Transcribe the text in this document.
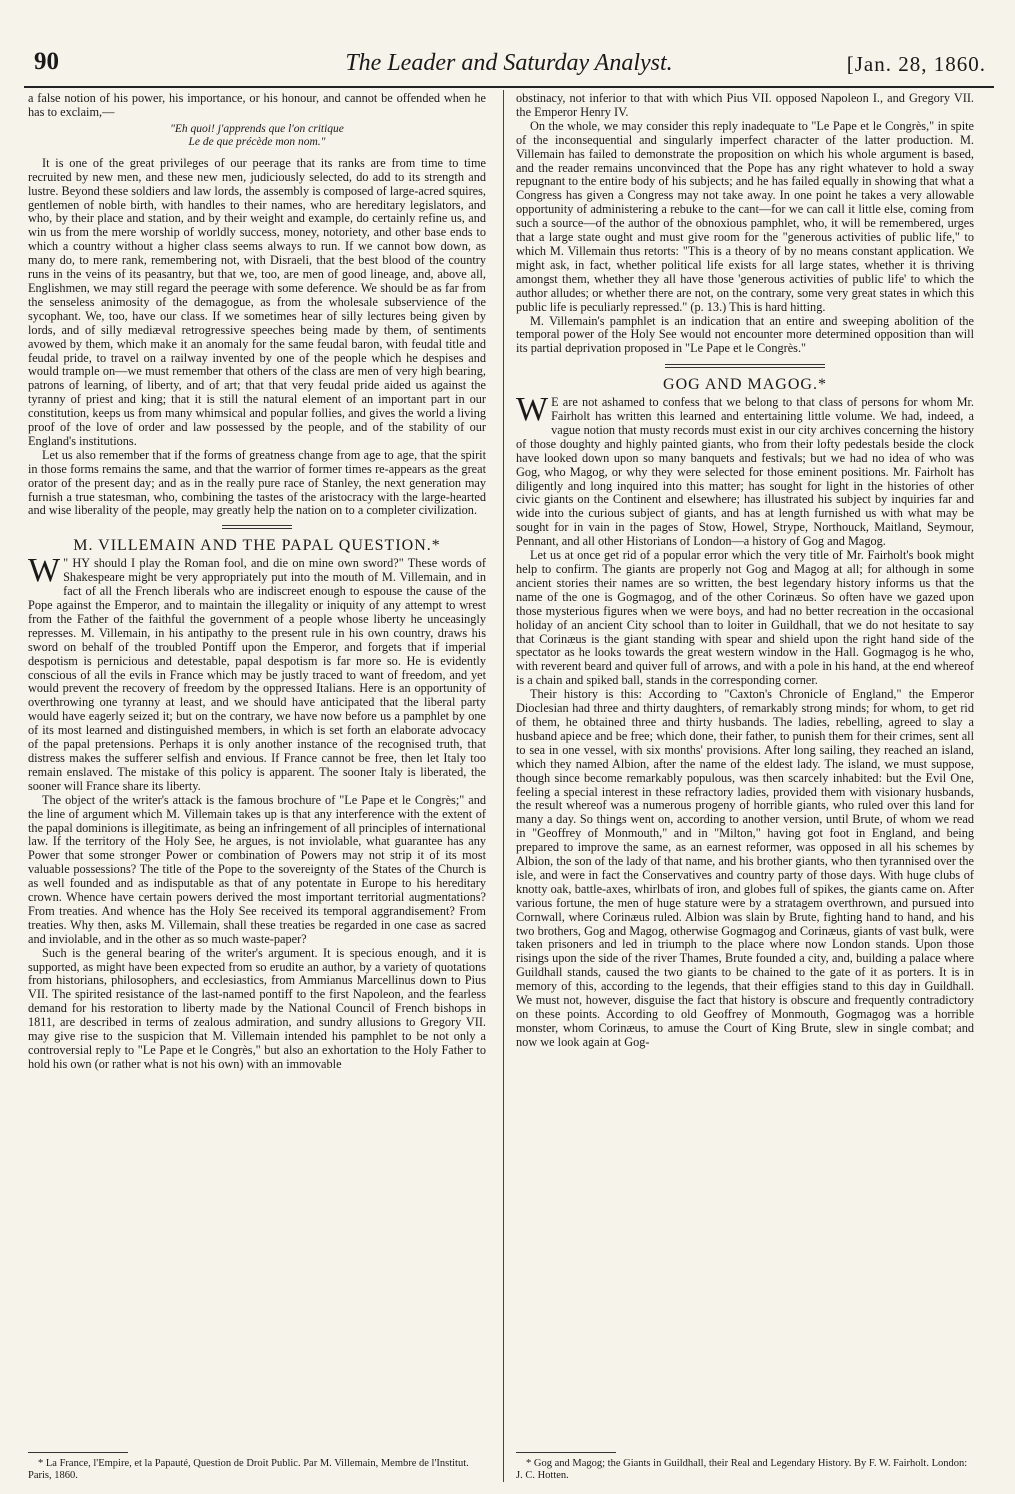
90	The Leader and Saturday Analyst.	[Jan. 28, 1860.

a false notion of his power, his importance, or his honour, and cannot be offended when he has to exclaim,—

"Eh quoi! j'apprends que l'on critique
Le de que précède mon nom."

It is one of the great privileges of our peerage that its ranks are from time to time recruited by new men, and these new men, judiciously selected, do add to its strength and lustre. Beyond these soldiers and law lords, the assembly is composed of large-acred squires, gentlemen of noble birth, with handles to their names, who are hereditary legislators, and who, by their place and station, and by their weight and example, do certainly refine us, and win us from the mere worship of worldly success, money, notoriety, and other base ends to which a country without a higher class seems always to run. If we cannot bow down, as many do, to mere rank, remembering not, with Disraeli, that the best blood of the country runs in the veins of its peasantry, but that we, too, are men of good lineage, and, above all, Englishmen, we may still regard the peerage with some deference. We should be as far from the senseless animosity of the demagogue, as from the wholesale subservience of the sycophant. We, too, have our class. If we sometimes hear of silly lectures being given by lords, and of silly mediæval retrogressive speeches being made by them, of sentiments avowed by them, which make it an anomaly for the same feudal baron, with feudal title and feudal pride, to travel on a railway invented by one of the people which he despises and would trample on—we must remember that others of the class are men of very high bearing, patrons of learning, of liberty, and of art; that that very feudal pride aided us against the tyranny of priest and king; that it is still the natural element of an important part in our constitution, keeps us from many whimsical and popular follies, and gives the world a living proof of the love of order and law possessed by the people, and of the stability of our England's institutions.

Let us also remember that if the forms of greatness change from age to age, that the spirit in those forms remains the same, and that the warrior of former times re-appears as the great orator of the present day; and as in the really pure race of Stanley, the next generation may furnish a true statesman, who, combining the tastes of the aristocracy with the large-hearted and wise liberality of the people, may greatly help the nation on to a completer civilization.

M. VILLEMAIN AND THE PAPAL QUESTION.*

"
W HY should I play the Roman fool, and die on mine own sword?" These words of Shakespeare might be very appropriately put into the mouth of M. Villemain, and in fact of all the French liberals who are indiscreet enough to espouse the cause of the Pope against the Emperor, and to maintain the illegality or iniquity of any attempt to wrest from the Father of the faithful the government of a people whose liberty he unceasingly represses. M. Villemain, in his antipathy to the present rule in his own country, draws his sword on behalf of the troubled Pontiff upon the Emperor, and forgets that if imperial despotism is pernicious and detestable, papal despotism is far more so. He is evidently conscious of all the evils in France which may be justly traced to want of freedom, and yet would prevent the recovery of freedom by the oppressed Italians. Here is an opportunity of overthrowing one tyranny at least, and we should have anticipated that the liberal party would have eagerly seized it; but on the contrary, we have now before us a pamphlet by one of its most learned and distinguished members, in which is set forth an elaborate advocacy of the papal pretensions. Perhaps it is only another instance of the recognised truth, that distress makes the sufferer selfish and envious. If France cannot be free, then let Italy too remain enslaved. The mistake of this policy is apparent. The sooner Italy is liberated, the sooner will France share its liberty.

The object of the writer's attack is the famous brochure of "Le Pape et le Congrès;" and the line of argument which M. Villemain takes up is that any interference with the extent of the papal dominions is illegitimate, as being an infringement of all principles of international law. If the territory of the Holy See, he argues, is not inviolable, what guarantee has any Power that some stronger Power or combination of Powers may not strip it of its most valuable possessions? The title of the Pope to the sovereignty of the States of the Church is as well founded and as indisputable as that of any potentate in Europe to his hereditary crown. Whence have certain powers derived the most important territorial augmentations? From treaties. And whence has the Holy See received its temporal aggrandisement? From treaties. Why then, asks M. Villemain, shall these treaties be regarded in one case as sacred and inviolable, and in the other as so much waste-paper?

Such is the general bearing of the writer's argument. It is specious enough, and it is supported, as might have been expected from so erudite an author, by a variety of quotations from historians, philosophers, and ecclesiastics, from Ammianus Marcellinus down to Pius VII. The spirited resistance of the last-named pontiff to the first Napoleon, and the fearless demand for his restoration to liberty made by the National Council of French bishops in 1811, are described in terms of zealous admiration, and sundry allusions to Gregory VII. may give rise to the suspicion that M. Villemain intended his pamphlet to be not only a controversial reply to "Le Pape et le Congrès," but also an exhortation to the Holy Father to hold his own (or rather what is not his own) with an immovable

obstinacy, not inferior to that with which Pius VII. opposed Napoleon I., and Gregory VII. the Emperor Henry IV.

On the whole, we may consider this reply inadequate to "Le Pape et le Congrès," in spite of the inconsequential and singularly imperfect character of the latter production. M. Villemain has failed to demonstrate the proposition on which his whole argument is based, and the reader remains unconvinced that the Pope has any right whatever to hold a sway repugnant to the entire body of his subjects; and he has failed equally in showing that what a Congress has given a Congress may not take away. In one point he takes a very allowable opportunity of administering a rebuke to the cant—for we can call it little else, coming from such a source—of the author of the obnoxious pamphlet, who, it will be remembered, urges that a large state ought and must give room for the "generous activities of public life," to which M. Villemain thus retorts: "This is a theory of by no means constant application. We might ask, in fact, whether political life exists for all large states, whether it is thriving amongst them, whether they all have those 'generous activities of public life' to which the author alludes; or whether there are not, on the contrary, some very great states in which this public life is peculiarly repressed." (p. 13.) This is hard hitting.

M. Villemain's pamphlet is an indication that an entire and sweeping abolition of the temporal power of the Holy See would not encounter more determined opposition than will its partial deprivation proposed in "Le Pape et le Congrès."

GOG AND MAGOG.*

W E are not ashamed to confess that we belong to that class of persons for whom Mr. Fairholt has written this learned and entertaining little volume. We had, indeed, a vague notion that musty records must exist in our city archives concerning the history of those doughty and highly painted giants, who from their lofty pedestals beside the clock have looked down upon so many banquets and festivals; but we had no idea of who was Gog, who Magog, or why they were selected for those eminent positions. Mr. Fairholt has diligently and long inquired into this matter; has sought for light in the histories of other civic giants on the Continent and elsewhere; has illustrated his subject by inquiries far and wide into the curious subject of giants, and has at length furnished us with what may be sought for in vain in the pages of Stow, Howel, Strype, Northouck, Maitland, Seymour, Pennant, and all other Historians of London—a history of Gog and Magog.

Let us at once get rid of a popular error which the very title of Mr. Fairholt's book might help to confirm. The giants are properly not Gog and Magog at all; for although in some ancient stories their names are so written, the best legendary history informs us that the name of the one is Gogmagog, and of the other Corinæus. So often have we gazed upon those mysterious figures when we were boys, and had no better recreation in the occasional holiday of an ancient City school than to loiter in Guildhall, that we do not hesitate to say that Corinæus is the giant standing with spear and shield upon the right hand side of the spectator as he looks towards the great western window in the Hall. Gogmagog is he who, with reverent beard and quiver full of arrows, and with a pole in his hand, at the end whereof is a chain and spiked ball, stands in the corresponding corner.

Their history is this: According to "Caxton's Chronicle of England," the Emperor Dioclesian had three and thirty daughters, of remarkably strong minds; for whom, to get rid of them, he obtained three and thirty husbands. The ladies, rebelling, agreed to slay a husband apiece and be free; which done, their father, to punish them for their crimes, sent all to sea in one vessel, with six months' provisions. After long sailing, they reached an island, which they named Albion, after the name of the eldest lady. The island, we must suppose, though since become remarkably populous, was then scarcely inhabited: but the Evil One, feeling a special interest in these refractory ladies, provided them with visionary husbands, the result whereof was a numerous progeny of horrible giants, who ruled over this land for many a day. So things went on, according to another version, until Brute, of whom we read in "Geoffrey of Monmouth," and in "Milton," having got foot in England, and being prepared to improve the same, as an earnest reformer, was opposed in all his schemes by Albion, the son of the lady of that name, and his brother giants, who then tyrannised over the isle, and were in fact the Conservatives and country party of those days. With huge clubs of knotty oak, battle-axes, whirlbats of iron, and globes full of spikes, the giants came on. After various fortune, the men of huge stature were by a stratagem overthrown, and pursued into Cornwall, where Corinæus ruled. Albion was slain by Brute, fighting hand to hand, and his two brothers, Gog and Magog, otherwise Gogmagog and Corinæus, giants of vast bulk, were taken prisoners and led in triumph to the place where now London stands. Upon those risings upon the side of the river Thames, Brute founded a city, and, building a palace where Guildhall stands, caused the two giants to be chained to the gate of it as porters. It is in memory of this, according to the legends, that their effigies stand to this day in Guildhall. We must not, however, disguise the fact that history is obscure and frequently contradictory on these points. According to old Geoffrey of Monmouth, Gogmagog was a horrible monster, whom Corinæus, to amuse the Court of King Brute, slew in single combat; and now we look again at Gog-

* La France, l'Empire, et la Papauté, Question de Droit Public. Par M. Villemain, Membre de l'Institut. Paris, 1860.
* Gog and Magog; the Giants in Guildhall, their Real and Legendary History. By F. W. Fairholt. London: J. C. Hotten.
